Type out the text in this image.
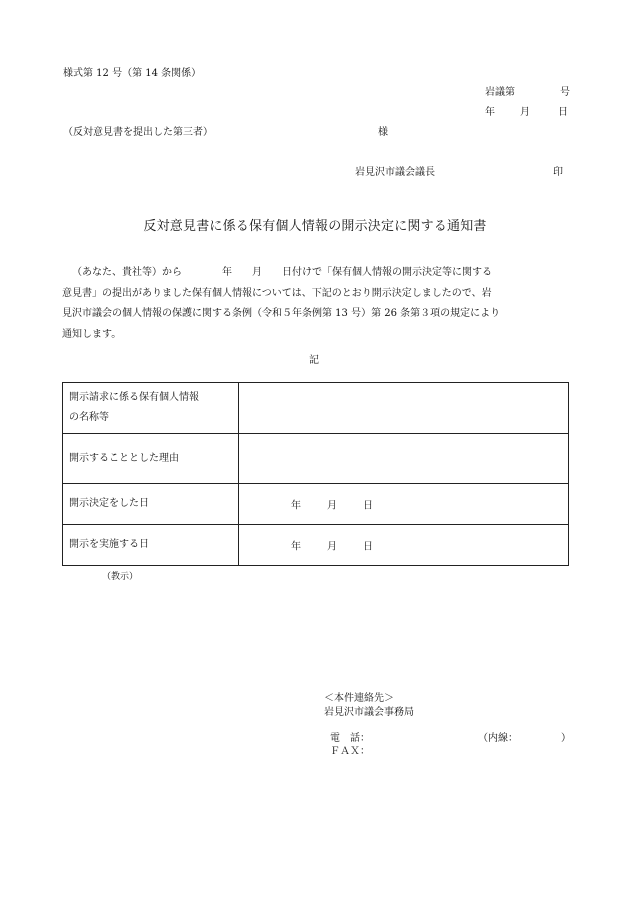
様式第 12 号（第 14 条関係）
岩議第	号
年	月	日
（反対意見書を提出した第三者）	様
岩見沢市議会議長	印
反対意見書に係る保有個人情報の開示決定に関する通知書

（あなた、貴社等）から　　　　年　　月　　日付けで「保有個人情報の開示決定等に関する

意見書」の提出がありました保有個人情報については、下記のとおり開示決定しましたので、岩

見沢市議会の個人情報の保護に関する条例（令和５年条例第 13 号）第 26 条第３項の規定により

通知します。

記
開示請求に係る保有個人情報
の名称等	

開示することとした理由	
開示決定をした日	年 月 日

開示を実施する日	年 月 日
（教示）
＜本件連絡先＞
岩見沢市議会事務局
電　話：	（内線：	）
ＦＡＸ：
